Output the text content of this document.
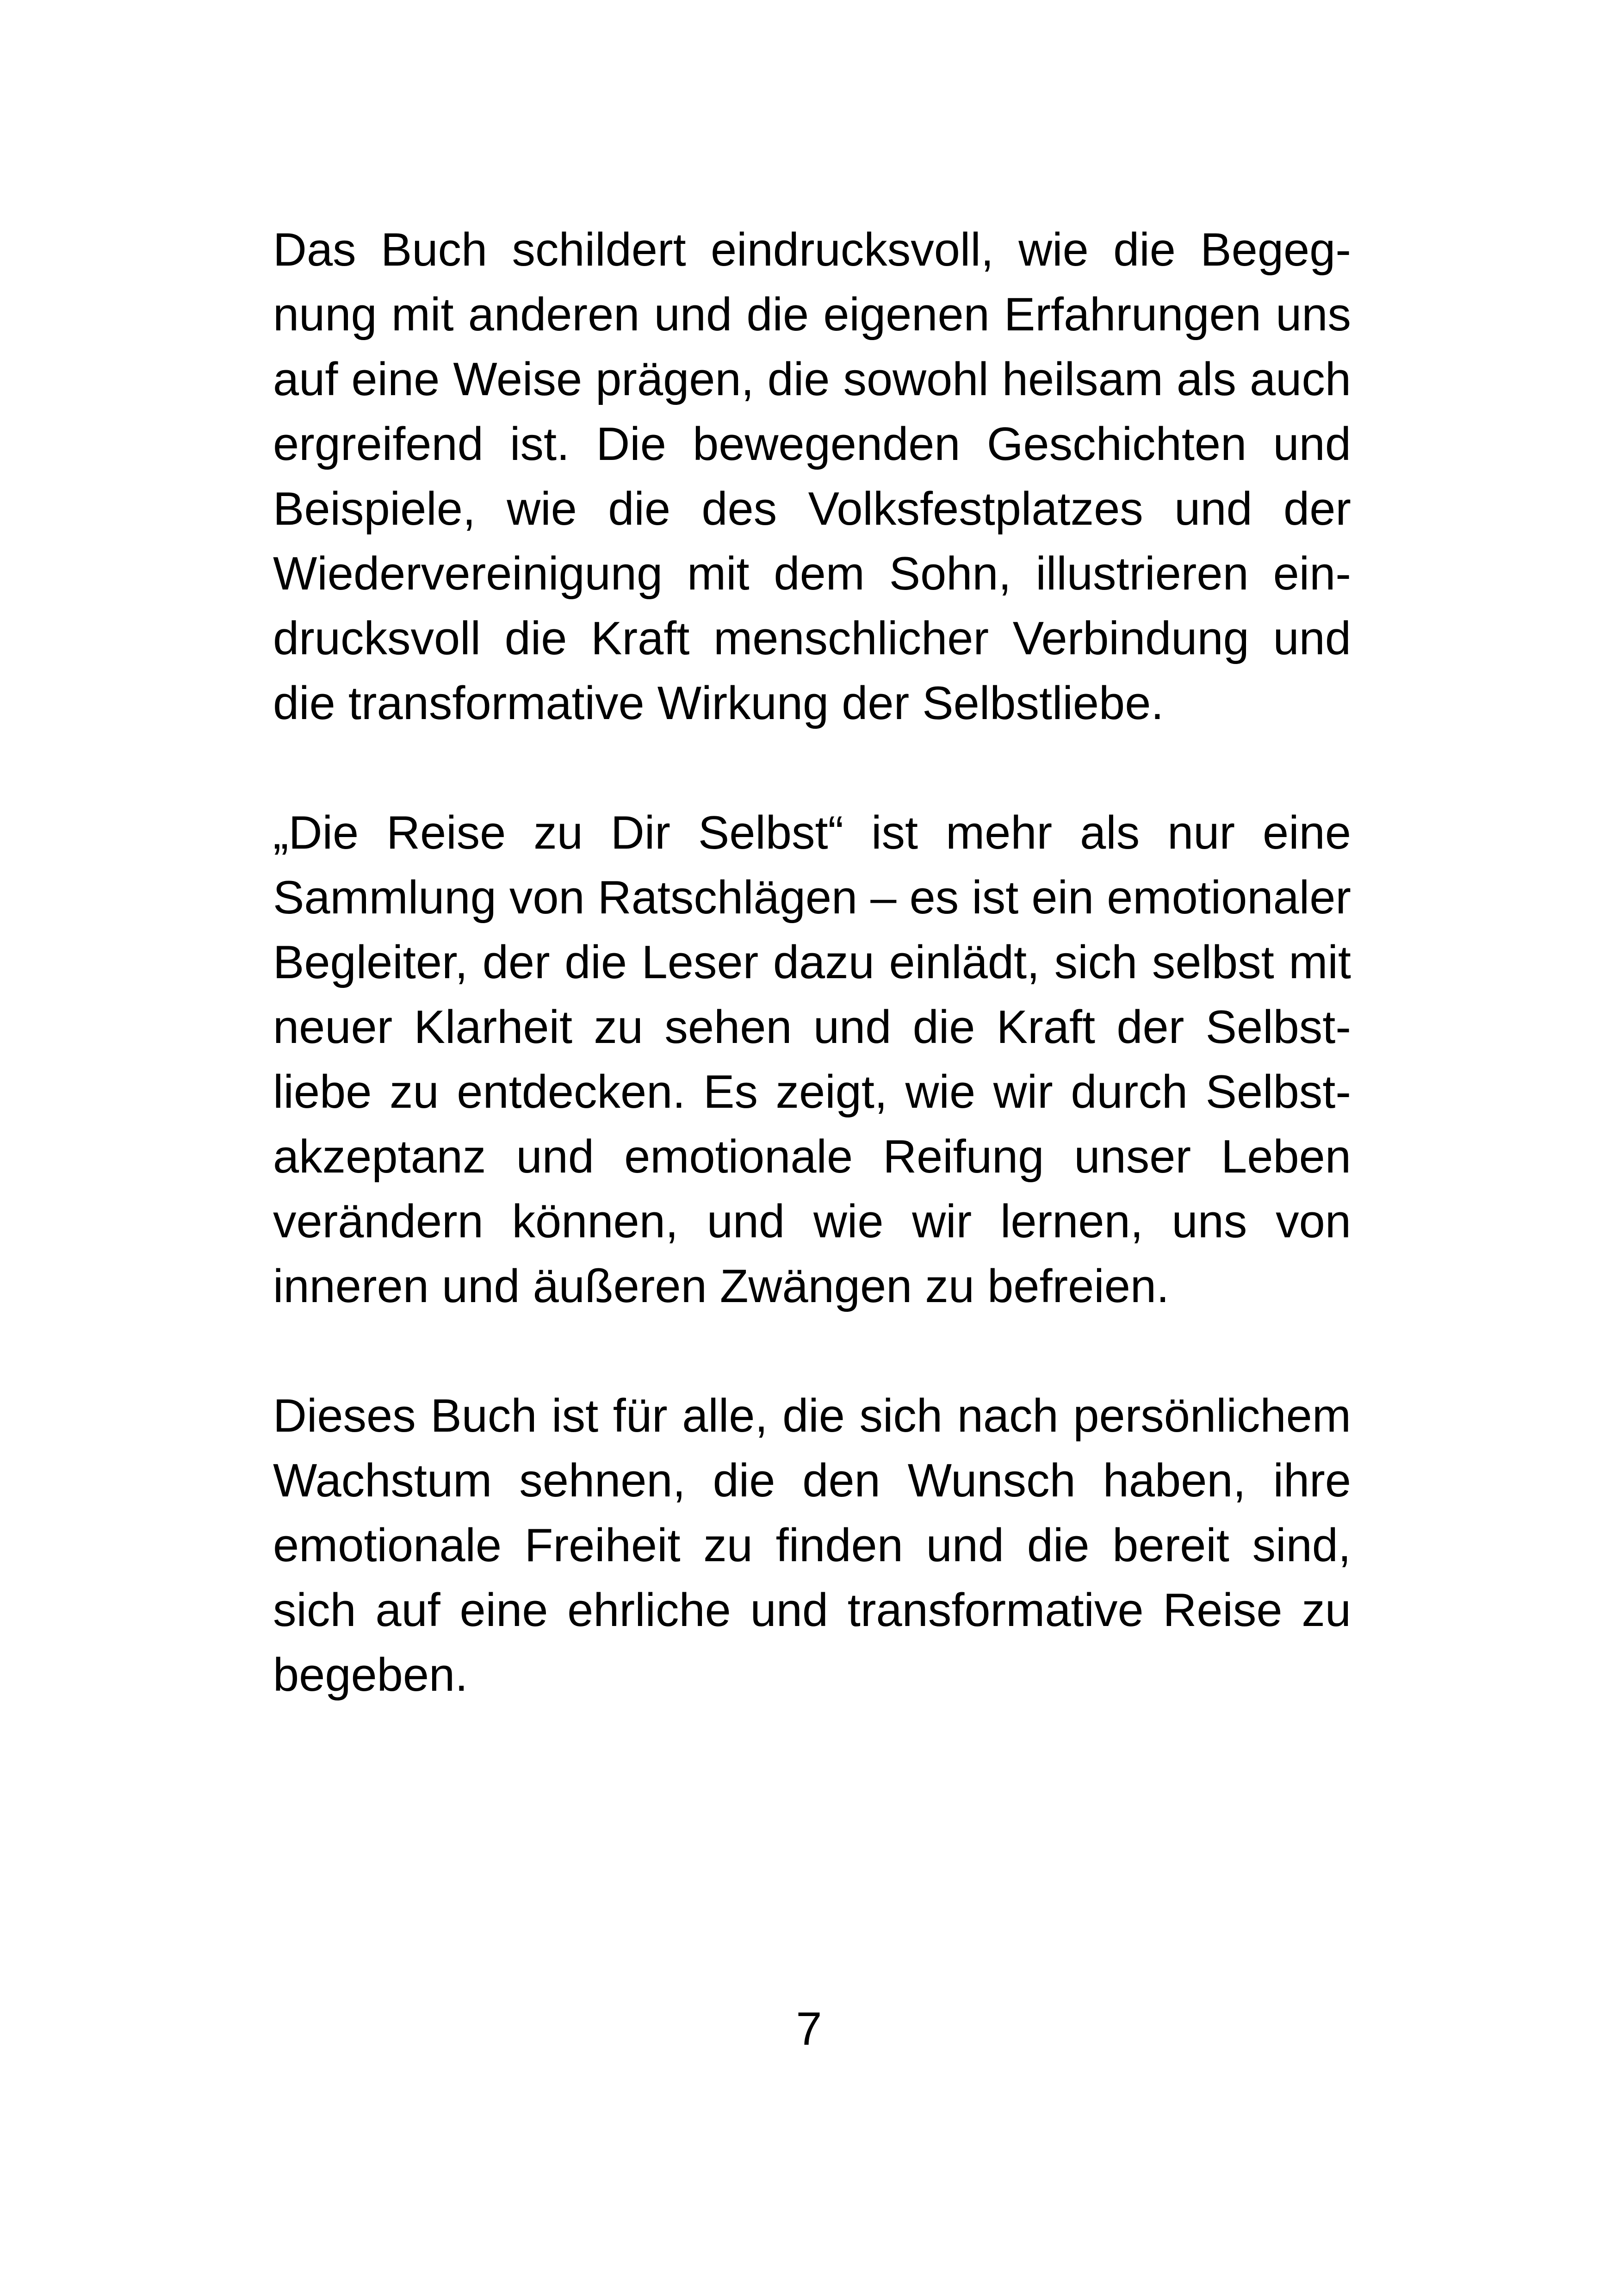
Das Buch schildert eindrucksvoll, wie die Begeg-
nung mit anderen und die eigenen Erfahrungen uns
auf eine Weise prägen, die sowohl heilsam als auch
ergreifend ist. Die bewegenden Geschichten und
Beispiele, wie die des Volksfestplatzes und der
Wiedervereinigung mit dem Sohn, illustrieren ein-
drucksvoll die Kraft menschlicher Verbindung und
die transformative Wirkung der Selbstliebe.

„Die Reise zu Dir Selbst“ ist mehr als nur eine
Sammlung von Ratschlägen – es ist ein emotionaler
Begleiter, der die Leser dazu einlädt, sich selbst mit
neuer Klarheit zu sehen und die Kraft der Selbst-
liebe zu entdecken. Es zeigt, wie wir durch Selbst-
akzeptanz und emotionale Reifung unser Leben
verändern können, und wie wir lernen, uns von
inneren und äußeren Zwängen zu befreien.

Dieses Buch ist für alle, die sich nach persönlichem
Wachstum sehnen, die den Wunsch haben, ihre
emotionale Freiheit zu finden und die bereit sind,
sich auf eine ehrliche und transformative Reise zu
begeben.

7
